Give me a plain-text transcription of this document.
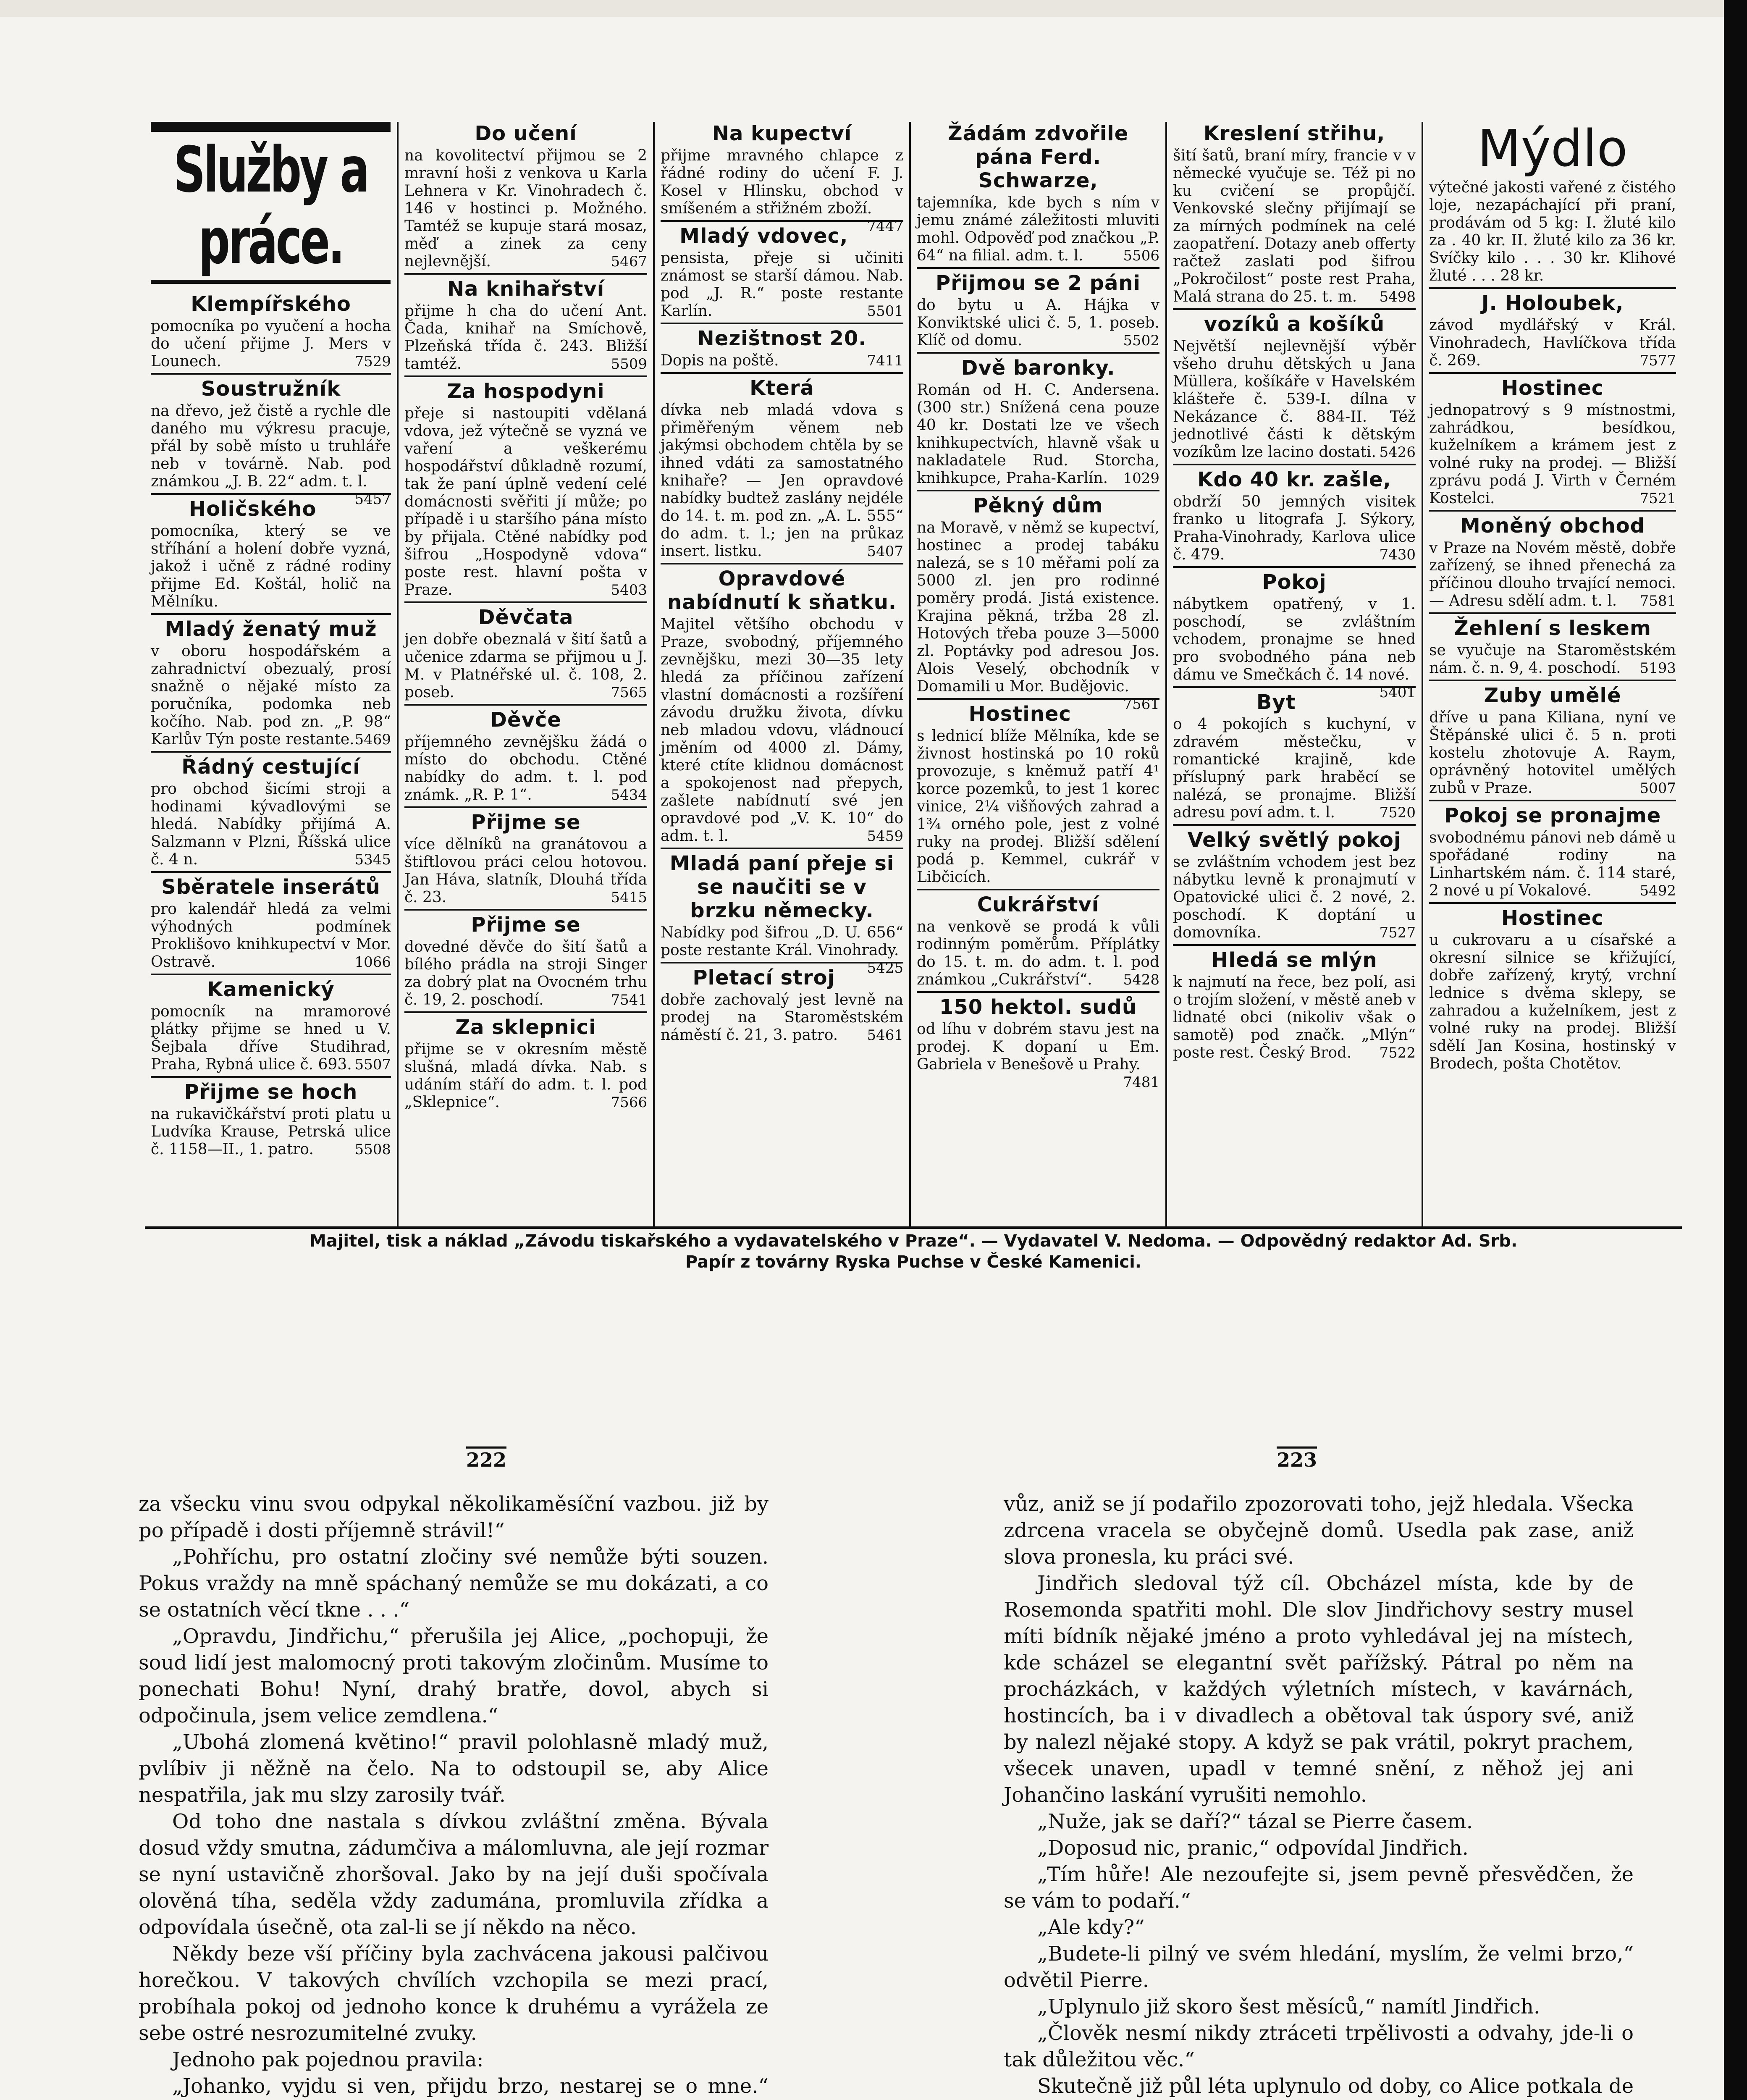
Služby a práce.
Klempířského

pomocníka po vyučení a hocha do učení přijme J. Mers v Lounech.	7529

Soustružník

na dřevo, jež čistě a rychle dle daného mu výkresu pracuje, přál by sobě místo u truhláře neb v továrně. Nab. pod známkou „J. B. 22“ adm. t. l.
5457

Holičského

pomocníka, který se ve stříhání a holení dobře vyzná, jakož i učně z rádné rodiny přijme Ed. Koštál, holič na Mělníku.

Mladý ženatý muž

v oboru hospodářském a zahradnictví obezualý, prosí snažně o nějaké místo za poručníka, podomka neb kočího. Nab. pod zn. „P. 98“ Karlův Týn poste restante. 5469

Řádný cestující

pro obchod šicími stroji a hodinami kývadlovými se hledá. Nabídky přijímá A. Salzmann v Plzni, Říšská ulice č. 4 n.	5345

Sběratele inserátů

pro kalendář hledá za velmi výhodných podmínek Proklišovo knihkupectví v Mor. Ostravě.	1066

Kamenický

pomocník na mramorové plátky přijme se hned u V. Šejbala dříve Studihrad, Praha, Rybná ulice č. 693. 5507

Přijme se hoch

na rukavičkářství proti platu u Ludvíka Krause, Petrská ulice č. 1158—II., 1. patro.	5508

Do učení

na kovolitectví přijmou se 2 mravní hoši z venkova u Karla Lehnera v Kr. Vinohradech č. 146 v hostinci p. Možného. Tamtéž se kupuje stará mosaz, měď a zinek za ceny nejlevnější.	5467

Na knihařství

přijme h cha do učení Ant. Čada, knihař na Smíchově, Plzeňská třída č. 243. Bližší tamtéž.	5509

Za hospodyni

přeje si nastoupiti vdělaná vdova, jež výtečně se vyzná ve vaření a veškerému hospodářství důkladně rozumí, tak že paní úplně vedení celé domácnosti svěřiti jí může; po případě i u staršího pána místo by přijala. Ctěné nabídky pod šifrou „Hospodyně vdova“ poste rest. hlavní pošta v Praze.	5403

Děvčata

jen dobře obeznalá v šití šatů a učenice zdarma se přijmou u J. M. v Platnéřské ul. č. 108, 2. poseb.	7565

Děvče

příjemného zevnějšku žádá o místo do obchodu. Ctěné nabídky do adm. t. l. pod známk. „R. P. 1“.	5434

Přijme se

více dělníků na granátovou a štiftlovou práci celou hotovou. Jan Háva, slatník, Dlouhá třída č. 23.	5415

Přijme se

dovedné děvče do šití šatů a bílého prádla na stroji Singer za dobrý plat na Ovocném trhu č. 19, 2. poschodí.	7541

Za sklepnici

přijme se v okresním městě slušná, mladá dívka. Nab. s udáním stáří do adm. t. l. pod „Sklepnice“.	7566

Na kupectví

přijme mravného chlapce z řádné rodiny do učení F. J. Kosel v Hlinsku, obchod v smíšeném a střižném zboží.
7447

Mladý vdovec,

pensista, přeje si učiniti známost se starší dámou. Nab. pod „J. R.“ poste restante Karlín.	5501

Nezištnost 20.

Dopis na poště.	7411

Která

dívka neb mladá vdova s přiměřeným věnem neb jakýmsi obchodem chtěla by se ihned vdáti za samostatného knihaře? — Jen opravdové nabídky budtež zaslány nejdéle do 14. t. m. pod zn. „A. L. 555“ do adm. t. l.; jen na průkaz insert. listku.	5407

Opravdové nabídnutí k sňatku.

Majitel většího obchodu v Praze, svobodný, příjemného zevnějšku, mezi 30—35 lety hledá za příčinou zařízení vlastní domácnosti a rozšíření závodu družku života, dívku neb mladou vdovu, vládnoucí jměním od 4000 zl. Dámy, které ctíte klidnou domácnost a spokojenost nad přepych, zašlete nabídnutí své jen opravdové pod „V. K. 10“ do adm. t. l.	5459

Mladá paní přeje si se naučiti se v brzku německy.

Nabídky pod šifrou „D. U. 656“ poste restante Král. Vinohrady.
5425

Pletací stroj

dobře zachovalý jest levně na prodej na Staroměstském náměstí č. 21, 3. patro. 5461

Žádám zdvořile pána Ferd. Schwarze,

tajemníka, kde bych s ním v jemu známé záležitosti mluviti mohl. Odpověď pod značkou „P. 64“ na filial. adm. t. l.	5506

Přijmou se 2 páni

do bytu u A. Hájka v Konviktské ulici č. 5, 1. poseb. Klíč od domu.	5502

Dvě baronky.

Román od H. C. Andersena. (300 str.) Snížená cena pouze 40 kr. Dostati lze ve všech knihkupectvích, hlavně však u nakladatele Rud. Storcha, knihkupce, Praha-Karlín. 1029

Pěkný dům

na Moravě, v němž se kupectví, hostinec a prodej tabáku nalezá, se s 10 měřami polí za 5000 zl. jen pro rodinné poměry prodá. Jistá existence. Krajina pěkná, tržba 28 zl. Hotových třeba pouze 3—5000 zl. Poptávky pod adresou Jos. Alois Veselý, obchodník v Domamili u Mor. Budějovic.
7561

Hostinec

s lednicí blíže Mělníka, kde se živnost hostinská po 10 roků provozuje, s kněmuž patří 4¹ korce pozemků, to jest 1 korec vinice, 2¼ višňových zahrad a 1¾ orného pole, jest z volné ruky na prodej. Bližší sdělení podá p. Kemmel, cukrář v Libčicích.

Cukrářství

na venkově se prodá k vůli rodinným poměrům. Příplátky do 15. t. m. do adm. t. l. pod známkou „Cukrářství“. 5428

150 hektol. sudů

od líhu v dobrém stavu jest na prodej. K dopaní u Em. Gabriela v Benešově u Prahy.
7481

Kreslení střihu,

šití šatů, braní míry, francie v v německé vyučuje se. Též pi no ku cvičení se propůjčí. Venkovské slečny přijímají se za mírných podmínek na celé zaopatření. Dotazy aneb offerty račtež zaslati pod šifrou „Pokročilost“ poste rest Praha, Malá strana do 25. t. m. 5498

vozíků a košíků

Největší nejlevnější výběr všeho druhu dětských u Jana Müllera, košíkáře v Havelském klášteře č. 539-I. dílna v Nekázance č. 884-II. Též jednotlivé části k dětským vozíkům lze lacino dostati. 5426

Kdo 40 kr. zašle,

obdrží 50 jemných visitek franko u litografa J. Sýkory, Praha-Vinohrady, Karlova ulice č. 479.	7430

Pokoj

nábytkem opatřený, v 1. poschodí, se zvláštním vchodem, pronajme se hned pro svobodného pána neb dámu ve Smečkách č. 14 nové.
5401

Byt

o 4 pokojích s kuchyní, v zdravém městečku, v romantické krajině, kde příslupný park hraběcí se nalézá, se pronajme. Bližší adresu poví adm. t. l.	7520

Velký světlý pokoj

se zvláštním vchodem jest bez nábytku levně k pronajmutí v Opatovické ulici č. 2 nové, 2. poschodí. K doptání u domovníka.	7527

Hledá se mlýn

k najmutí na řece, bez polí, asi o trojím složení, v městě aneb v lidnaté obci (nikoliv však o samotě) pod značk. „Mlýn“ poste rest. Český Brod. 7522

Mýdlo

výtečné jakosti vařené z čistého loje, nezapáchající při praní, prodávám od 5 kg: I. žluté kilo za . 40 kr. II. žluté kilo za 36 kr. Svíčky kilo . . . 30 kr. Klihové žluté . . . 28 kr.

J. Holoubek,

závod mydlářský v Král. Vinohradech, Havlíčkova třída č. 269.	7577

Hostinec

jednopatrový s 9 místnostmi, zahrádkou, besídkou, kuželníkem a krámem jest z volné ruky na prodej. — Bližší zprávu podá J. Virth v Černém Kostelci.	7521

Moněný obchod

v Praze na Novém městě, dobře zařízený, se ihned přenechá za příčinou dlouho trvající nemoci. — Adresu sdělí adm. t. l. 7581

Žehlení s leskem

se vyučuje na Staroměstském nám. č. n. 9, 4. poschodí. 5193

Zuby umělé

dříve u pana Kiliana, nyní ve Štěpánské ulici č. 5 n. proti kostelu zhotovuje A. Raym, oprávněný hotovitel umělých zubů v Praze.	5007

Pokoj se pronajme

svobodnému pánovi neb dámě u spořádané rodiny na Linhartském nám. č. 114 staré, 2 nové u pí Vokalové.	5492

Hostinec

u cukrovaru a u císařské a okresní silnice se křižující, dobře zařízený, krytý, vrchní lednice s dvěma sklepy, se zahradou a kuželníkem, jest z volné ruky na prodej. Bližší sdělí Jan Kosina, hostinský v Brodech, pošta Chotětov.

Majitel, tisk a náklad „Závodu tiskařského a vydavatelského v Praze“. — Vydavatel V. Nedoma. — Odpovědný redaktor Ad. Srb.
Papír z továrny Ryska Puchse v České Kamenici.
222	223

za všecku vinu svou odpykal několikaměsíční vazbou. již by po případě i dosti příjemně strávil!“

„Pohříchu, pro ostatní zločiny své nemůže býti souzen. Pokus vraždy na mně spáchaný nemůže se mu dokázati, a co se ostatních věcí tkne . . .“

„Opravdu, Jindřichu,“ přerušila jej Alice, „pochopuji, že soud lidí jest malomocný proti takovým zločinům. Musíme to ponechati Bohu! Nyní, drahý bratře, dovol, abych si odpočinula, jsem velice zemdlena.“

„Ubohá zlomená květino!“ pravil polohlasně mladý muž, pvlíbiv ji něžně na čelo. Na to odstoupil se, aby Alice nespatřila, jak mu slzy zarosily tvář.

Od toho dne nastala s dívkou zvláštní změna. Bývala dosud vždy smutna, zádumčiva a málomluvna, ale její rozmar se nyní ustavičně zhoršoval. Jako by na její duši spočívala olověná tíha, seděla vždy zadumána, promluvila zřídka a odpovídala úsečně, ota zal-li se jí někdo na něco.

Někdy beze vší příčiny byla zachvácena jakousi palčivou horečkou. V takových chvílích vzchopila se mezi prací, probíhala pokoj od jednoho konce k druhému a vyrážela ze sebe ostré nesrozumitelné zvuky.

Jednoho pak pojednou pravila:

„Johanko, vyjdu si ven, přijdu brzo, nestarej se o mne.“

vůz, aniž se jí podařilo zpozorovati toho, jejž hledala. Všecka zdrcena vracela se obyčejně domů. Usedla pak zase, aniž slova pronesla, ku práci své.

Jindřich sledoval týž cíl. Obcházel místa, kde by de Rosemonda spatřiti mohl. Dle slov Jindřichovy sestry musel míti bídník nějaké jméno a proto vyhledával jej na místech, kde scházel se elegantní svět pařížský. Pátral po něm na procházkách, v každých výletních místech, v kavárnách, hostincích, ba i v divadlech a obětoval tak úspory své, aniž by nalezl nějaké stopy. A když se pak vrátil, pokryt prachem, všecek unaven, upadl v temné snění, z něhož jej ani Johančino laskání vyrušiti nemohlo.

„Nuže, jak se daří?“ tázal se Pierre časem.

„Doposud nic, pranic,“ odpovídal Jindřich.

„Tím hůře! Ale nezoufejte si, jsem pevně přesvědčen, že se vám to podaří.“

„Ale kdy?“

„Budete-li pilný ve svém hledání, myslím, že velmi brzo,“ odvětil Pierre.

„Uplynulo již skoro šest měsíců,“ namítl Jindřich.

„Člověk nesmí nikdy ztráceti trpělivosti a odvahy, jde-li o tak důležitou věc.“

Skutečně již půl léta uplynulo od doby, co Alice potkala de
